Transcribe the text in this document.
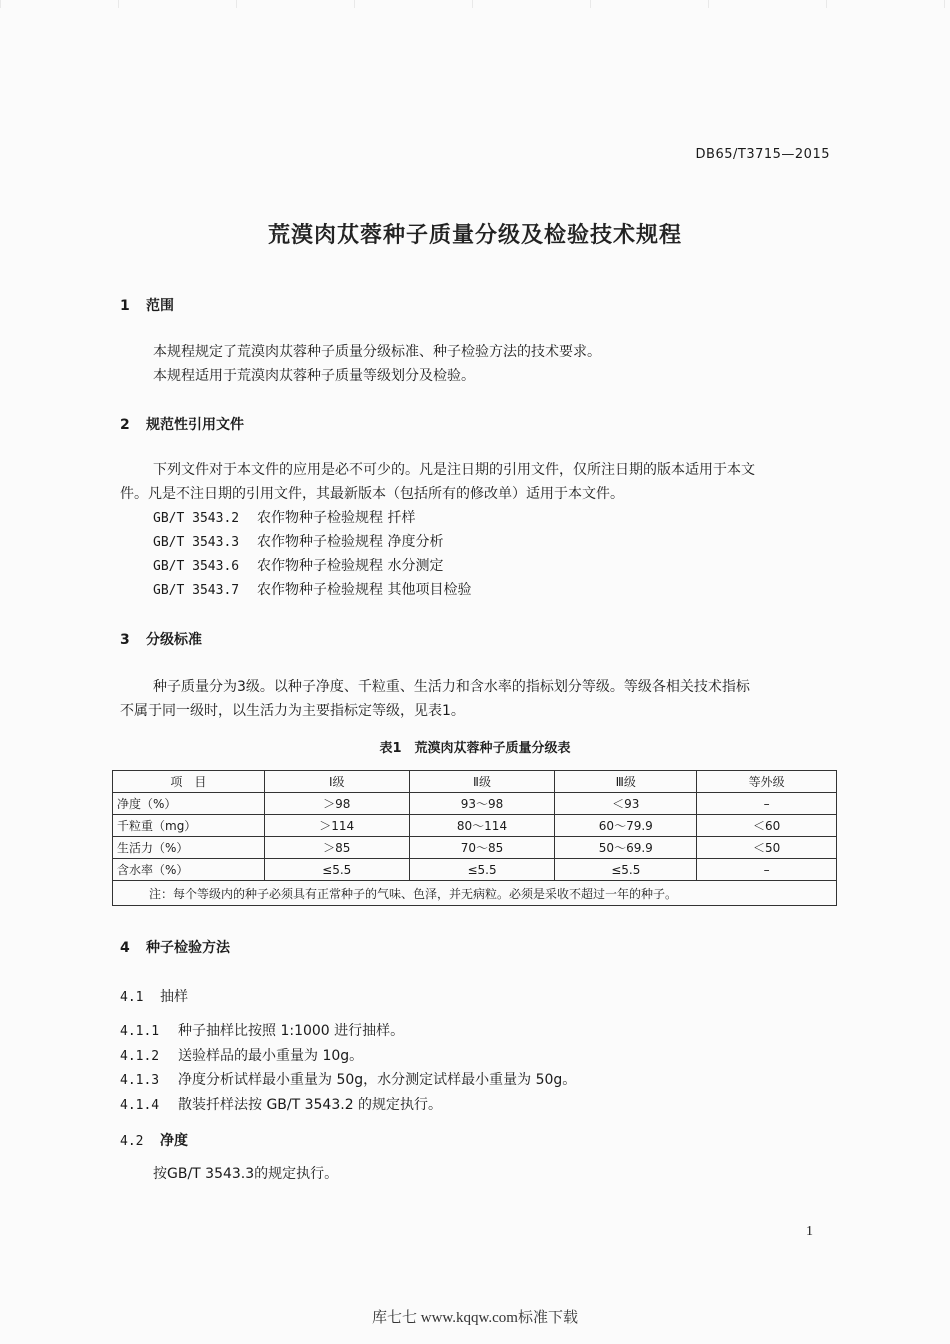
DB65/T3715—2015
荒漠肉苁蓉种子质量分级及检验技术规程
1 范围
本规程规定了荒漠肉苁蓉种子质量分级标准、种子检验方法的技术要求。
本规程适用于荒漠肉苁蓉种子质量等级划分及检验。
2 规范性引用文件
下列文件对于本文件的应用是必不可少的。凡是注日期的引用文件，仅所注日期的版本适用于本文
件。凡是不注日期的引用文件，其最新版本（包括所有的修改单）适用于本文件。
GB/T 3543.2 农作物种子检验规程 扦样
GB/T 3543.3 农作物种子检验规程 净度分析
GB/T 3543.6 农作物种子检验规程 水分测定
GB/T 3543.7 农作物种子检验规程 其他项目检验
3 分级标准
种子质量分为3级。以种子净度、千粒重、生活力和含水率的指标划分等级。等级各相关技术指标
不属于同一级时，以生活力为主要指标定等级，见表1。
表1　荒漠肉苁蓉种子质量分级表
项　目	Ⅰ级	Ⅱ级	Ⅲ级	等外级
净度（%）	＞98	93～98	＜93	–
千粒重（mg）	＞114	80～114	60～79.9	＜60
生活力（%）	＞85	70～85	50～69.9	＜50
含水率（%）	≤5.5	≤5.5	≤5.5	–
注：每个等级内的种子必须具有正常种子的气味、色泽，并无病粒。必须是采收不超过一年的种子。				
4 种子检验方法
4.1 抽样
4.1.1 种子抽样比按照 1:1000 进行抽样。
4.1.2 送验样品的最小重量为 10g。
4.1.3 净度分析试样最小重量为 50g，水分测定试样最小重量为 50g。
4.1.4 散装扦样法按 GB/T 3543.2 的规定执行。
4.2 净度
按GB/T 3543.3的规定执行。
1
库七七 www.kqqw.com标准下载
